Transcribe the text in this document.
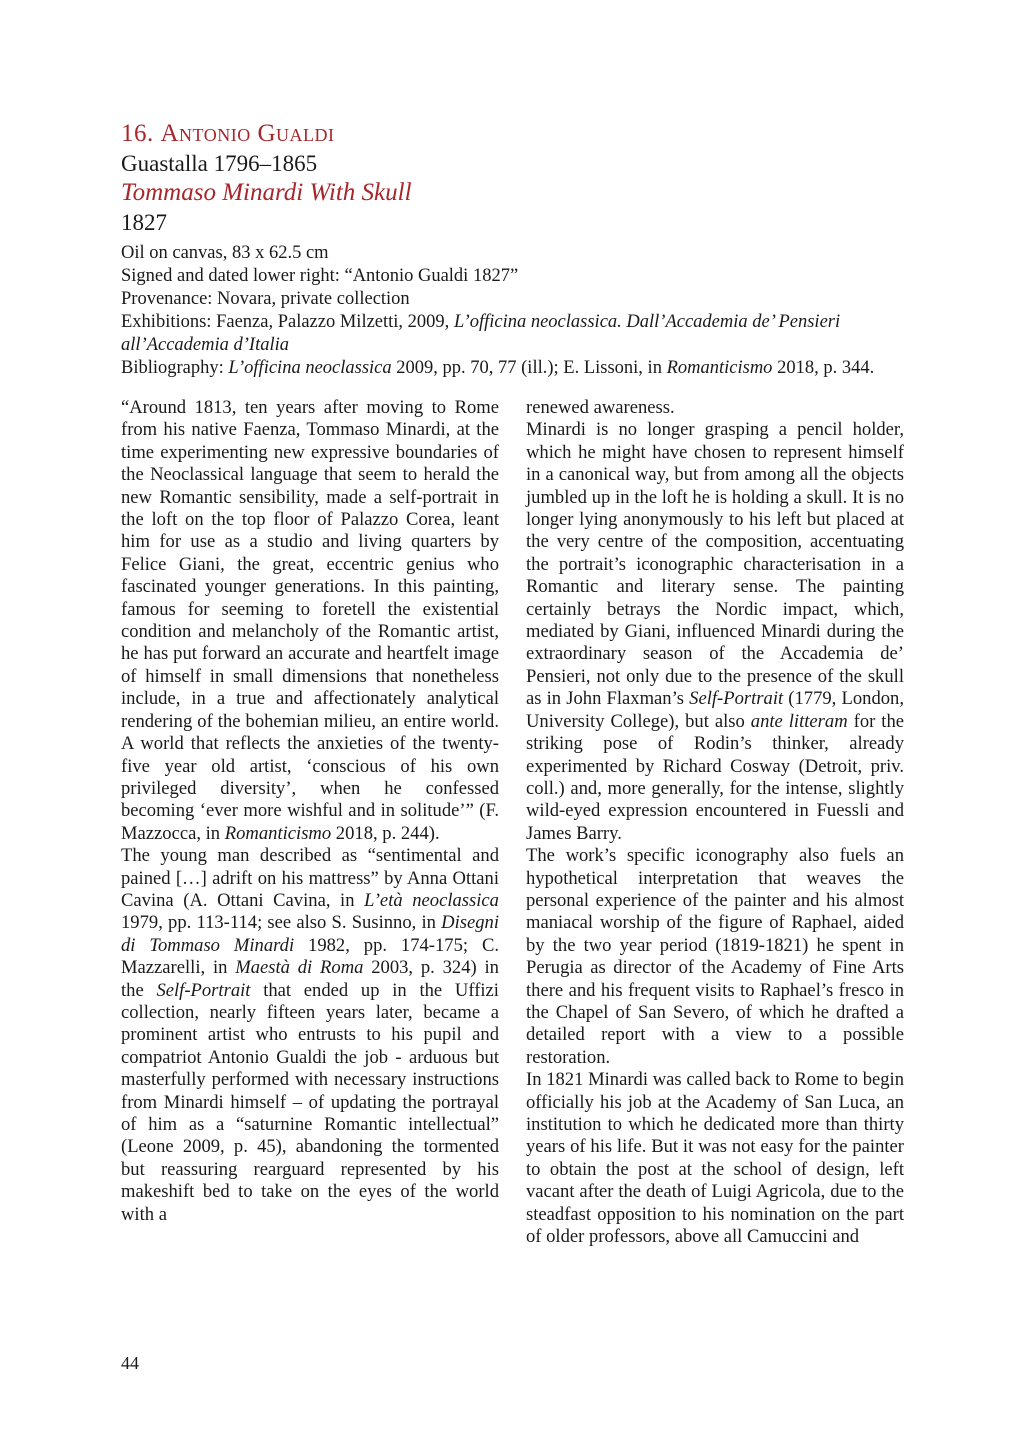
16. Antonio Gualdi

Guastalla 1796–1865

Tommaso Minardi With Skull

1827

Oil on canvas, 83 x 62.5 cm

Signed and dated lower right: “Antonio Gualdi 1827”

Provenance: Novara, private collection

Exhibitions: Faenza, Palazzo Milzetti, 2009, L’officina neoclassica. Dall’Accademia de’ Pensieri all’Accademia d’Italia

Bibliography: L’officina neoclassica 2009, pp. 70, 77 (ill.); E. Lissoni, in Romanticismo 2018, p. 344.

“Around 1813, ten years after moving to Rome from his native Faenza, Tommaso Minardi, at the time experimenting new expressive boundaries of the Neoclassical language that seem to herald the new Romantic sensibility, made a self-portrait in the loft on the top floor of Palazzo Corea, leant him for use as a studio and living quarters by Felice Giani, the great, eccentric genius who fascinated younger generations. In this painting, famous for seeming to foretell the existential condition and melancholy of the Romantic artist, he has put forward an accurate and heartfelt image of himself in small dimensions that nonetheless include, in a true and affectionately analytical rendering of the bohemian milieu, an entire world. A world that reflects the anxieties of the twenty-five year old artist, ‘conscious of his own privileged diversity’, when he confessed becoming ‘ever more wishful and in solitude’” (F. Mazzocca, in Romanticismo 2018, p. 244).

The young man described as “sentimental and pained […] adrift on his mattress” by Anna Ottani Cavina (A. Ottani Cavina, in L’età neoclassica 1979, pp. 113-114; see also S. Susinno, in Disegni di Tommaso Minardi 1982, pp. 174-175; C. Mazzarelli, in Maestà di Roma 2003, p. 324) in the Self-Portrait that ended up in the Uffizi collection, nearly fifteen years later, became a prominent artist who entrusts to his pupil and compatriot Antonio Gualdi the job - arduous but masterfully performed with necessary instructions from Minardi himself – of updating the portrayal of him as a “saturnine Romantic intellectual” (Leone 2009, p. 45), abandoning the tormented but reassuring rearguard represented by his makeshift bed to take on the eyes of the world with a

renewed awareness.

Minardi is no longer grasping a pencil holder, which he might have chosen to represent himself in a canonical way, but from among all the objects jumbled up in the loft he is holding a skull. It is no longer lying anonymously to his left but placed at the very centre of the composition, accentuating the portrait’s iconographic characterisation in a Romantic and literary sense. The painting certainly betrays the Nordic impact, which, mediated by Giani, influenced Minardi during the extraordinary season of the Accademia de’ Pensieri, not only due to the presence of the skull as in John Flaxman’s Self-Portrait (1779, London, University College), but also ante litteram for the striking pose of Rodin’s thinker, already experimented by Richard Cosway (Detroit, priv. coll.) and, more generally, for the intense, slightly wild-eyed expression encountered in Fuessli and James Barry.

The work’s specific iconography also fuels an hypothetical interpretation that weaves the personal experience of the painter and his almost maniacal worship of the figure of Raphael, aided by the two year period (1819-1821) he spent in Perugia as director of the Academy of Fine Arts there and his frequent visits to Raphael’s fresco in the Chapel of San Severo, of which he drafted a detailed report with a view to a possible restoration.

In 1821 Minardi was called back to Rome to begin officially his job at the Academy of San Luca, an institution to which he dedicated more than thirty years of his life. But it was not easy for the painter to obtain the post at the school of design, left vacant after the death of Luigi Agricola, due to the steadfast opposition to his nomination on the part of older professors, above all Camuccini and

44
